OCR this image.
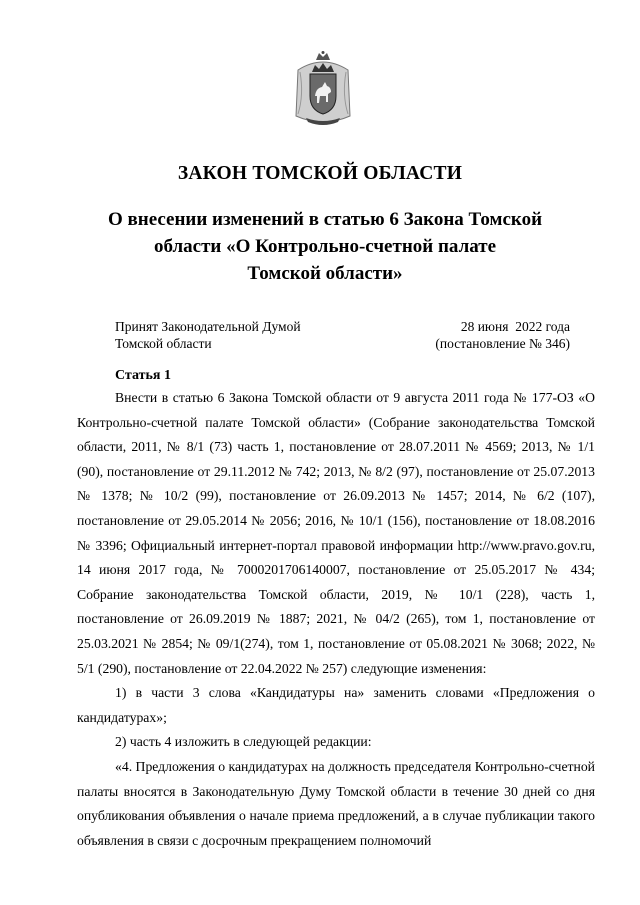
ЗАКОН ТОМСКОЙ ОБЛАСТИ
О внесении изменений в статью 6 Закона Томской
области «О Контрольно-счетной палате
Томской области»
Принят Законодательной Думой
Томской области
28 июня  2022 года
(постановление № 346)
Статья 1

Внести в статью 6 Закона Томской области от 9 августа 2011 года № 177-ОЗ «О Контрольно-счетной палате Томской области» (Собрание законодательства Томской области, 2011, № 8/1 (73) часть 1, постановление от 28.07.2011 № 4569; 2013, № 1/1 (90), постановление от 29.11.2012 № 742; 2013, № 8/2 (97), постановление от 25.07.2013 № 1378; № 10/2 (99), постановление от 26.09.2013 № 1457; 2014, № 6/2 (107), постановление от 29.05.2014 № 2056; 2016, № 10/1 (156), постановление от 18.08.2016 № 3396; Официальный интернет-портал правовой информации http://www.pravo.gov.ru, 14 июня 2017 года, № 7000201706140007, постановление от 25.05.2017 № 434; Собрание законодательства Томской области, 2019, № 10/1 (228), часть 1, постановление от 26.09.2019 № 1887; 2021, № 04/2 (265), том 1, постановление от 25.03.2021 № 2854; № 09/1(274), том 1, постановление от 05.08.2021 № 3068; 2022, № 5/1 (290), постановление от 22.04.2022 № 257) следующие изменения:

1) в части 3 слова «Кандидатуры на» заменить словами «Предложения о кандидатурах»;

2) часть 4 изложить в следующей редакции:

«4. Предложения о кандидатурах на должность председателя Контрольно-счетной палаты вносятся в Законодательную Думу Томской области в течение 30 дней со дня опубликования объявления о начале приема предложений, а в случае публикации такого объявления в связи с досрочным прекращением полномочий
